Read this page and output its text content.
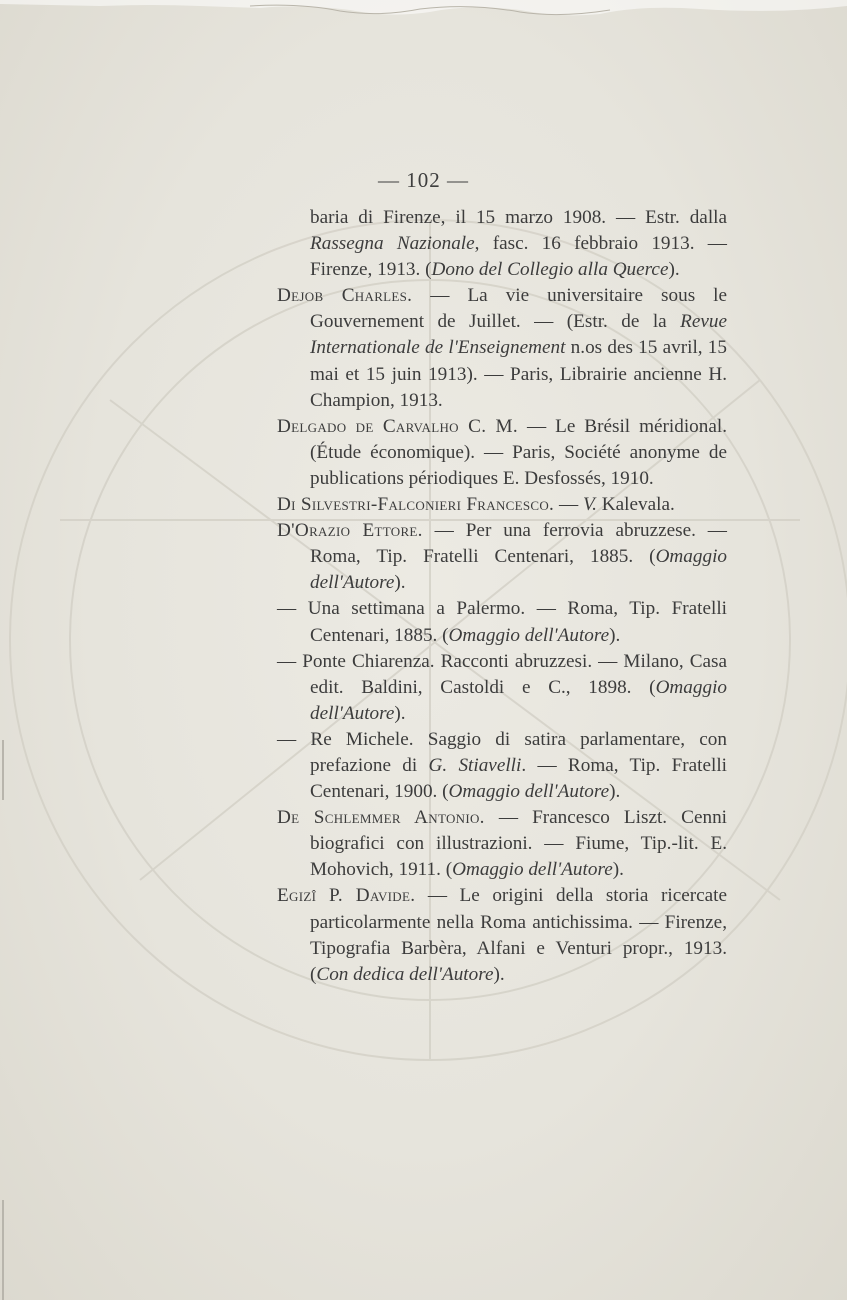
— 102 —
baria di Firenze, il 15 marzo 1908. — Estr. dalla Rassegna Nazionale, fasc. 16 febbraio 1913. — Firenze, 1913. (Dono del Collegio alla Querce).
Dejob Charles. — La vie universitaire sous le Gouvernement de Juillet. — (Estr. de la Revue Internationale de l'Enseignement n.os des 15 avril, 15 mai et 15 juin 1913). — Paris, Librairie ancienne H. Champion, 1913.
Delgado de Carvalho C. M. — Le Brésil méridional. (Étude économique). — Paris, Société anonyme de publications périodiques E. Desfossés, 1910.
Di Silvestri-Falconieri Francesco. — V. Kalevala.
D'Orazio Ettore. — Per una ferrovia abruzzese. — Roma, Tip. Fratelli Centenari, 1885. (Omaggio dell'Autore).
— Una settimana a Palermo. — Roma, Tip. Fratelli Centenari, 1885. (Omaggio dell'Autore).
— Ponte Chiarenza. Racconti abruzzesi. — Milano, Casa edit. Baldini, Castoldi e C., 1898. (Omaggio dell'Autore).
— Re Michele. Saggio di satira parlamentare, con prefazione di G. Stiavelli. — Roma, Tip. Fratelli Centenari, 1900. (Omaggio dell'Autore).
De Schlemmer Antonio. — Francesco Liszt. Cenni biografici con illustrazioni. — Fiume, Tip.-lit. E. Mohovich, 1911. (Omaggio dell'Autore).
Egizî P. Davide. — Le origini della storia ricercate particolarmente nella Roma antichissima. — Firenze, Tipografia Barbèra, Alfani e Venturi propr., 1913. (Con dedica dell'Autore).
